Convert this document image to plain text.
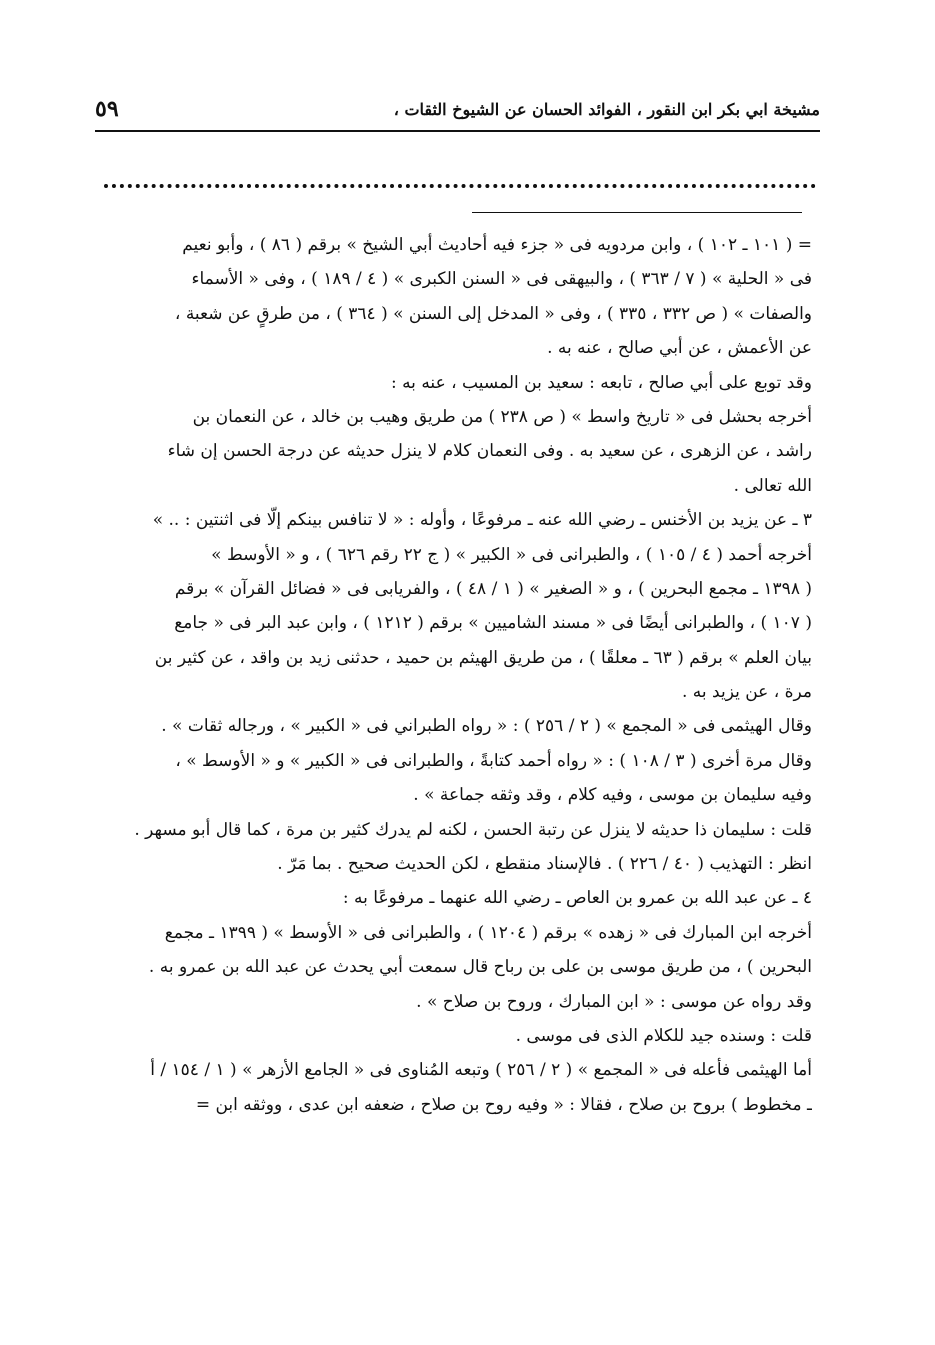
مشيخة ابي بكر ابن النقور ، الفوائد الحسان عن الشيوخ الثقات ،
٥٩
= ( ١٠١ ـ ١٠٢ ) ، وابن مردويه فى « جزء فيه أحاديث أبي الشيخ » برقم ( ٨٦ ) ، وأبو نعيم
فى « الحلية » ( ٧ / ٣٦٣ ) ، والبيهقى فى « السنن الكبرى » ( ٤ / ١٨٩ ) ، وفى « الأسماء
والصفات » ( ص ٣٣٢ ، ٣٣٥ ) ، وفى « المدخل إلى السنن » ( ٣٦٤ ) ، من طرقٍ عن شعبة ،
عن الأعمش ، عن أبي صالح ، عنه به .
وقد توبع على أبي صالح ، تابعه : سعيد بن المسيب ، عنه به :
أخرجه بحشل فى « تاريخ واسط » ( ص ٢٣٨ ) من طريق وهيب بن خالد ، عن النعمان بن
راشد ، عن الزهرى ، عن سعيد به . وفى النعمان كلام لا ينزل حديثه عن درجة الحسن إن شاء
الله تعالى .
٣ ـ عن يزيد بن الأخنس ـ رضي الله عنه ـ مرفوعًا ، وأوله : « لا تنافس بينكم إلّا فى اثنتين : .. »
أخرجه أحمد ( ٤ / ١٠٥ ) ، والطبرانى فى « الكبير » ( ج ٢٢ رقم ٦٢٦ ) ، و « الأوسط »
( ١٣٩٨ ـ مجمع البحرين ) ، و « الصغير » ( ١ / ٤٨ ) ، والفريابى فى « فضائل القرآن » برقم
( ١٠٧ ) ، والطبرانى أيضًا فى « مسند الشاميين » برقم ( ١٢١٢ ) ، وابن عبد البر فى « جامع
بيان العلم » برقم ( ٦٣ ـ معلقًا ) ، من طريق الهيثم بن حميد ، حدثنى زيد بن واقد ، عن كثير بن
مرة ، عن يزيد به .
وقال الهيثمى فى « المجمع » ( ٢ / ٢٥٦ ) : « رواه الطبراني فى « الكبير » ، ورجاله ثقات » .
وقال مرة أخرى ( ٣ / ١٠٨ ) : « رواه أحمد كتابةً ، والطبرانى فى « الكبير » و « الأوسط » ،
وفيه سليمان بن موسى ، وفيه كلام ، وقد وثقه جماعة » .
قلت : سليمان ذا حديثه لا ينزل عن رتبة الحسن ، لكنه لم يدرك كثير بن مرة ، كما قال أبو مسهر .
انظر : التهذيب ( ٤٠ / ٢٢٦ ) . فالإسناد منقطع ، لكن الحديث صحيح . بما مَرّ .
٤ ـ عن عبد الله بن عمرو بن العاص ـ رضي الله عنهما ـ مرفوعًا به :
أخرجه ابن المبارك فى « زهده » برقم ( ١٢٠٤ ) ، والطبرانى فى « الأوسط » ( ١٣٩٩ ـ مجمع
البحرين ) ، من طريق موسى بن على بن رباح قال سمعت أبي يحدث عن عبد الله بن عمرو به .
وقد رواه عن موسى : « ابن المبارك ، وروح بن صلاح » .
قلت : وسنده جيد للكلام الذى فى موسى .
أما الهيثمى فأعله فى « المجمع » ( ٢ / ٢٥٦ ) وتبعه المُناوى فى « الجامع الأزهر » ( ١ / ١٥٤ / أ
ـ مخطوط ) بروح بن صلاح ، فقالا : « وفيه روح بن صلاح ، ضعفه ابن عدى ، ووثقه ابن =
